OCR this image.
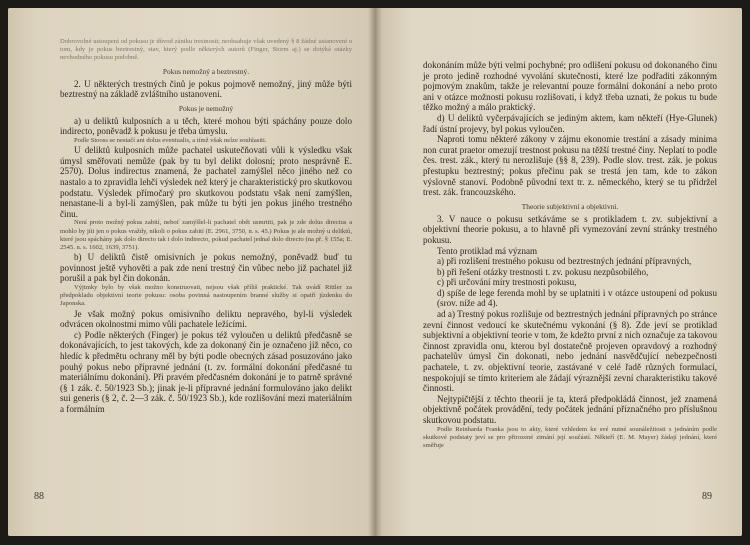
Dobrovolné ustoupení od pokusu je důvod zániku trestnosti; neobsahuje však uvedený § 8 žádné ustanovení o tom, kdy je pokus beztrestný, stav, který podle některých autorů (Finger, Storm aj.) se dotýká otázky nevhodného pokusu podobně.

Pokus nemožný a beztrestný.

2. U některých trestných činů je pokus pojmově nemožný, jiný může býti beztrestný na základě zvláštního ustanovení.

Pokus je nemožný

a) u deliktů kulposních a u těch, které mohou býti spáchány pouze dolo indirecto, poněvadž k pokusu je třeba úmyslu.

Podle Stooss se nestačí ani dolus eventualis, a tímž však nelze souhlasiti.

U deliktů kulposních může pachatel uskutečňovati vůli k výsledku však úmysl směřovati nemůže (pak by tu byl delikt dolosní; proto nesprávně E. 2570). Dolus indirectus znamená, že pachatel zamýšlel něco jiného než co nastalo a to zpravidla lehčí výsledek než který je charakteristický pro skutkovou podstatu. Výsledek přímočarý pro skutkovou podstatu však není zamýšlen, nenastane-li a byl-li zamýšlen, pak může tu býti jen pokus jiného trestného činu.

Není proto možný pokus zabití, neboť zamýšlel-li pachatel obět usmrtiti, pak je zde dolus directus a mohlo by jíti jen o pokus vraždy, nikoli o pokus zabití (E. 2961, 3750, n. s. 45.) Pokus je ale možný u deliktů, které jsou spáchány jak dolo directo tak i dolo indirecto, pokud pachatel jednal dolo directo (na př. § 155a; E. 2545. n. s. 1602, 1639, 3751).

b) U deliktů čistě omisivních je pokus nemožný, poněvadž buď tu povinnost ještě vyhověti a pak zde není trestný čin vůbec nebo již pachatel již porušil a pak byl čin dokonán.

Výjimky bylo by však možno konstruovati, nejsou však příliš praktické. Tak uvádí Rittler za předpokladu objektivní teorie pokusu: osoba povinná nastoupením branné služby si opatří jízdenku do Japonska.

Je však možný pokus omisivního deliktu nepravého, byl-li výsledek odvrácen okolnostmi mimo vůli pachatele ležícími.

c) Podle některých (Finger) je pokus též vyloučen u deliktů předčasně se dokonávajících, to jest takových, kde za dokonaný čin je označeno již něco, co hledíc k předmětu ochrany měl by býti podle obecných zásad posuzováno jako pouhý pokus nebo přípravné jednání (t. zv. formální dokonání předčasné tu materiálnímu dokonání). Při pravém předčasném dokonání je to patrně správné (§ 1 zák. č. 50/1923 Sb.); jinak je-li přípravné jednání formulováno jako delikt sui generis (§ 2, č. 2—3 zák. č. 50/1923 Sb.), kde rozlišování mezi materiálním a formálním

88

dokonáním může býti velmi pochybné; pro odlišení pokusu od dokonaného činu je proto jedině rozhodné vyvolání skutečnosti, které lze podřaditi zákonným pojmovým znakům, takže je relevantní pouze formální dokonání a nebo proto ani v otázce možnosti pokusu rozlišovati, i když třeba uznati, že pokus tu bude těžko možný a málo praktický.

d) U deliktů vyčerpávajících se jediným aktem, kam někteří (Hye-Glunek) řadí ústní projevy, byl pokus vyloučen.

Naproti tomu některé zákony v zájmu ekonomie trestání a zásady minima non curat praetor omezují trestnost pokusu na těžší trestné činy. Neplatí to podle čes. trest. zák., který tu nerozlišuje (§§ 8, 239). Podle slov. trest. zák. je pokus přestupku beztrestný; pokus přečinu pak se trestá jen tam, kde to zákon výslovně stanoví. Podobně původní text tr. z. německého, který se tu přidržel trest. zák. francouzského.

Theorie subjektivní a objektivní.

3. V nauce o pokusu setkáváme se s protikladem t. zv. subjektivní a objektivní theorie pokusu, a to hlavně při vymezování zevní stránky trestného pokusu.

Tento protiklad má význam

a) při rozlišení trestného pokusu od beztrestných jednání přípravných,
b) při řešení otázky trestnosti t. zv. pokusu nezpůsobilého,
c) při určování míry trestnosti pokusu,
d) spíše de lege ferenda mohl by se uplatniti i v otázce ustoupení od pokusu (srov. níže ad 4).

ad a) Trestný pokus rozlišuje od beztrestných jednání přípravných po stránce zevní činnost vedoucí ke skutečnému vykonání (§ 8). Zde jeví se protiklad subjektivní a objektivní teorie v tom, že kdežto první z nich označuje za takovou činnost zpravidla onu, kterou byl dostatečně projeven opravdový a rozhodný pachatelův úmysl čin dokonati, nebo jednání nasvědčující nebezpečnosti pachatele, t. zv. objektivní teorie, zastávané v celé řadě různých formulací, nespokojují se tímto kriteriem ale žádají výraznější zevní charakteristiku takové činnosti.

Nejtypičtější z těchto theorií je ta, která předpokládá činnost, jež znamená objektivně počátek provádění, tedy počátek jednání příznačného pro příslušnou skutkovou podstatu.

Podle Reinharda Franka jsou to akty, které vzhledem ke své nutné sounáležitosti s jednáním podle skutkové podstaty jeví se pro přirozené zimání její součástí. Někteří (E. M. Mayer) žádají jednání, které směřuje

89
